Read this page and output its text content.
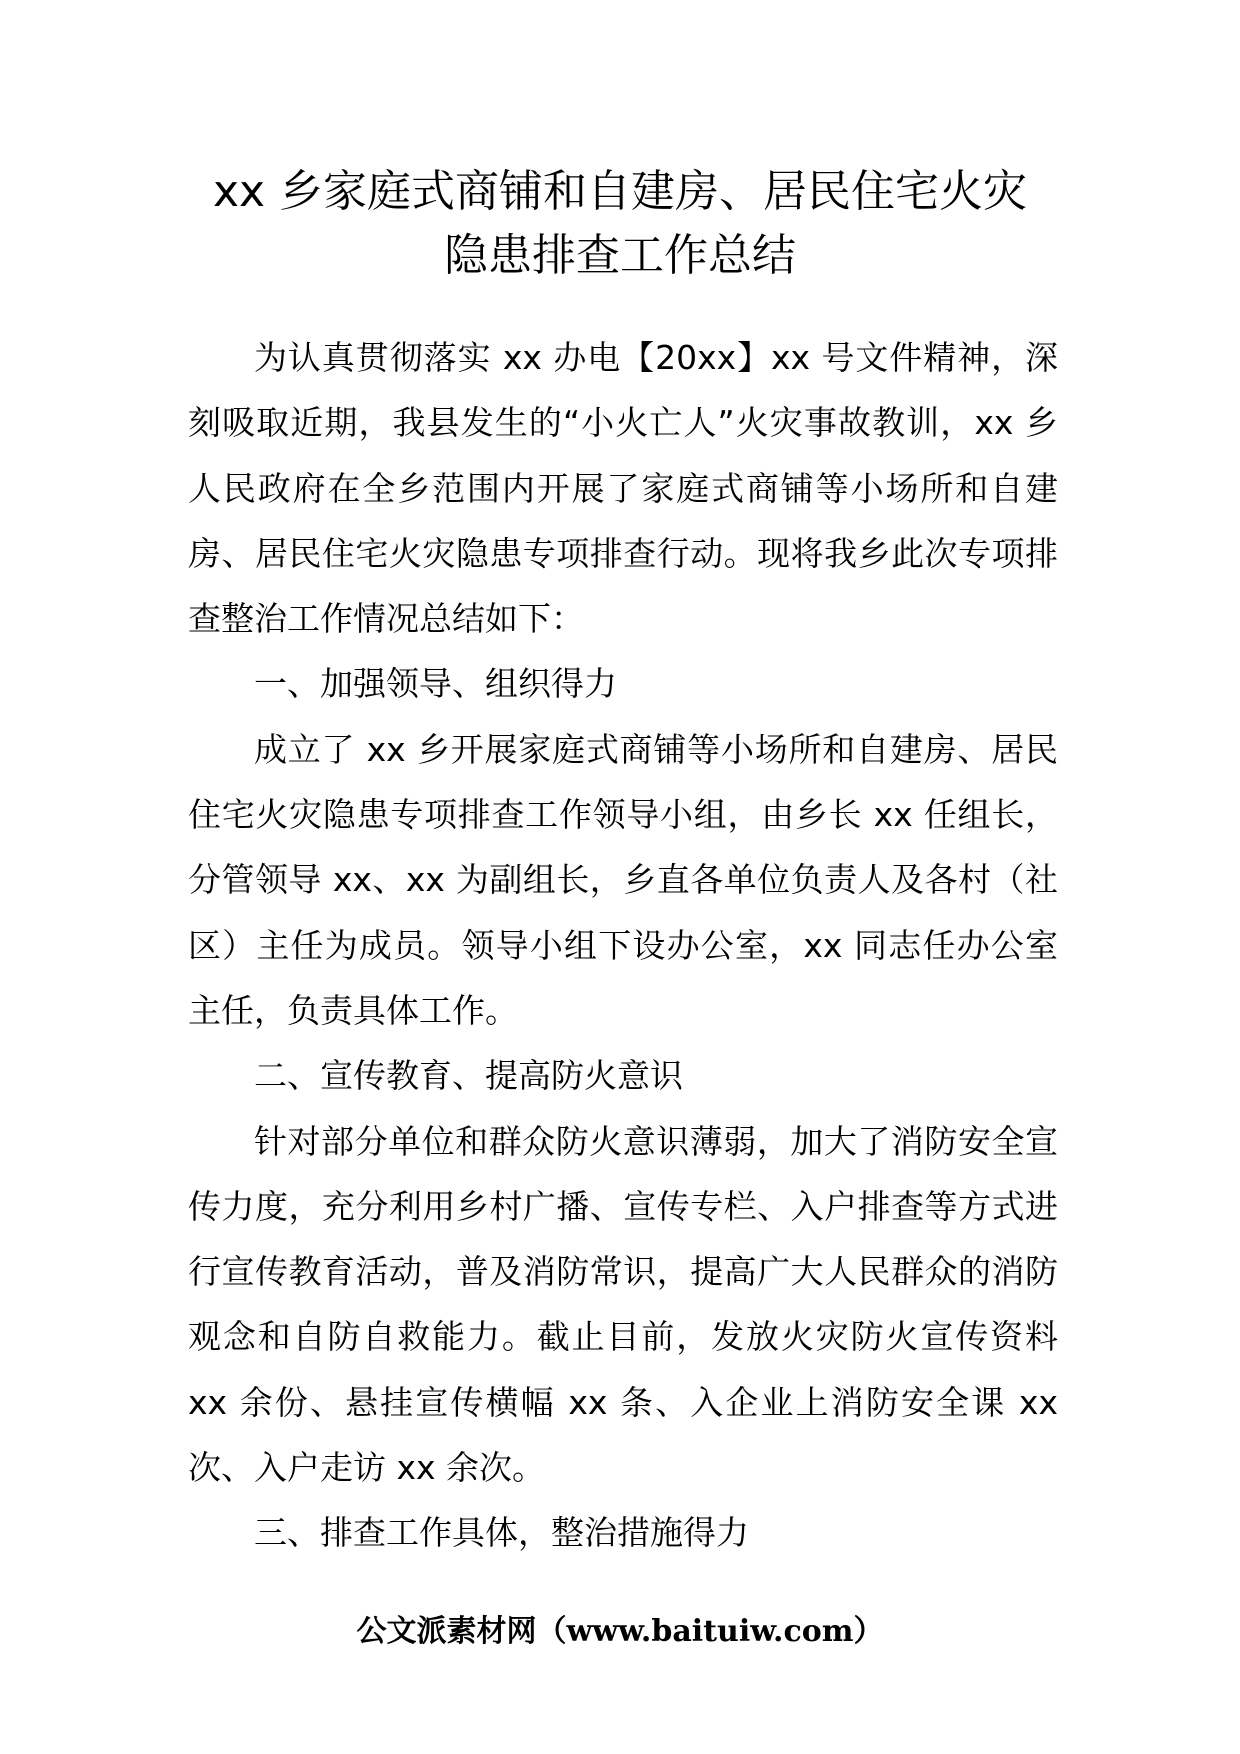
xx 乡家庭式商铺和自建房、居民住宅火灾
隐患排查工作总结

为认真贯彻落实 xx 办电【20xx】xx 号文件精神，深刻吸取近期，我县发生的“小火亡人”火灾事故教训，xx 乡人民政府在全乡范围内开展了家庭式商铺等小场所和自建房、居民住宅火灾隐患专项排查行动。现将我乡此次专项排查整治工作情况总结如下：

一、加强领导、组织得力

成立了 xx 乡开展家庭式商铺等小场所和自建房、居民住宅火灾隐患专项排查工作领导小组，由乡长 xx 任组长，分管领导 xx、xx 为副组长，乡直各单位负责人及各村（社区）主任为成员。领导小组下设办公室，xx 同志任办公室主任，负责具体工作。

二、宣传教育、提高防火意识

针对部分单位和群众防火意识薄弱，加大了消防安全宣传力度，充分利用乡村广播、宣传专栏、入户排查等方式进行宣传教育活动，普及消防常识，提高广大人民群众的消防观念和自防自救能力。截止目前，发放火灾防火宣传资料 xx 余份、悬挂宣传横幅 xx 条、入企业上消防安全课 xx 次、入户走访 xx 余次。

三、排查工作具体，整治措施得力

公文派素材网（www.baituiw.com）
